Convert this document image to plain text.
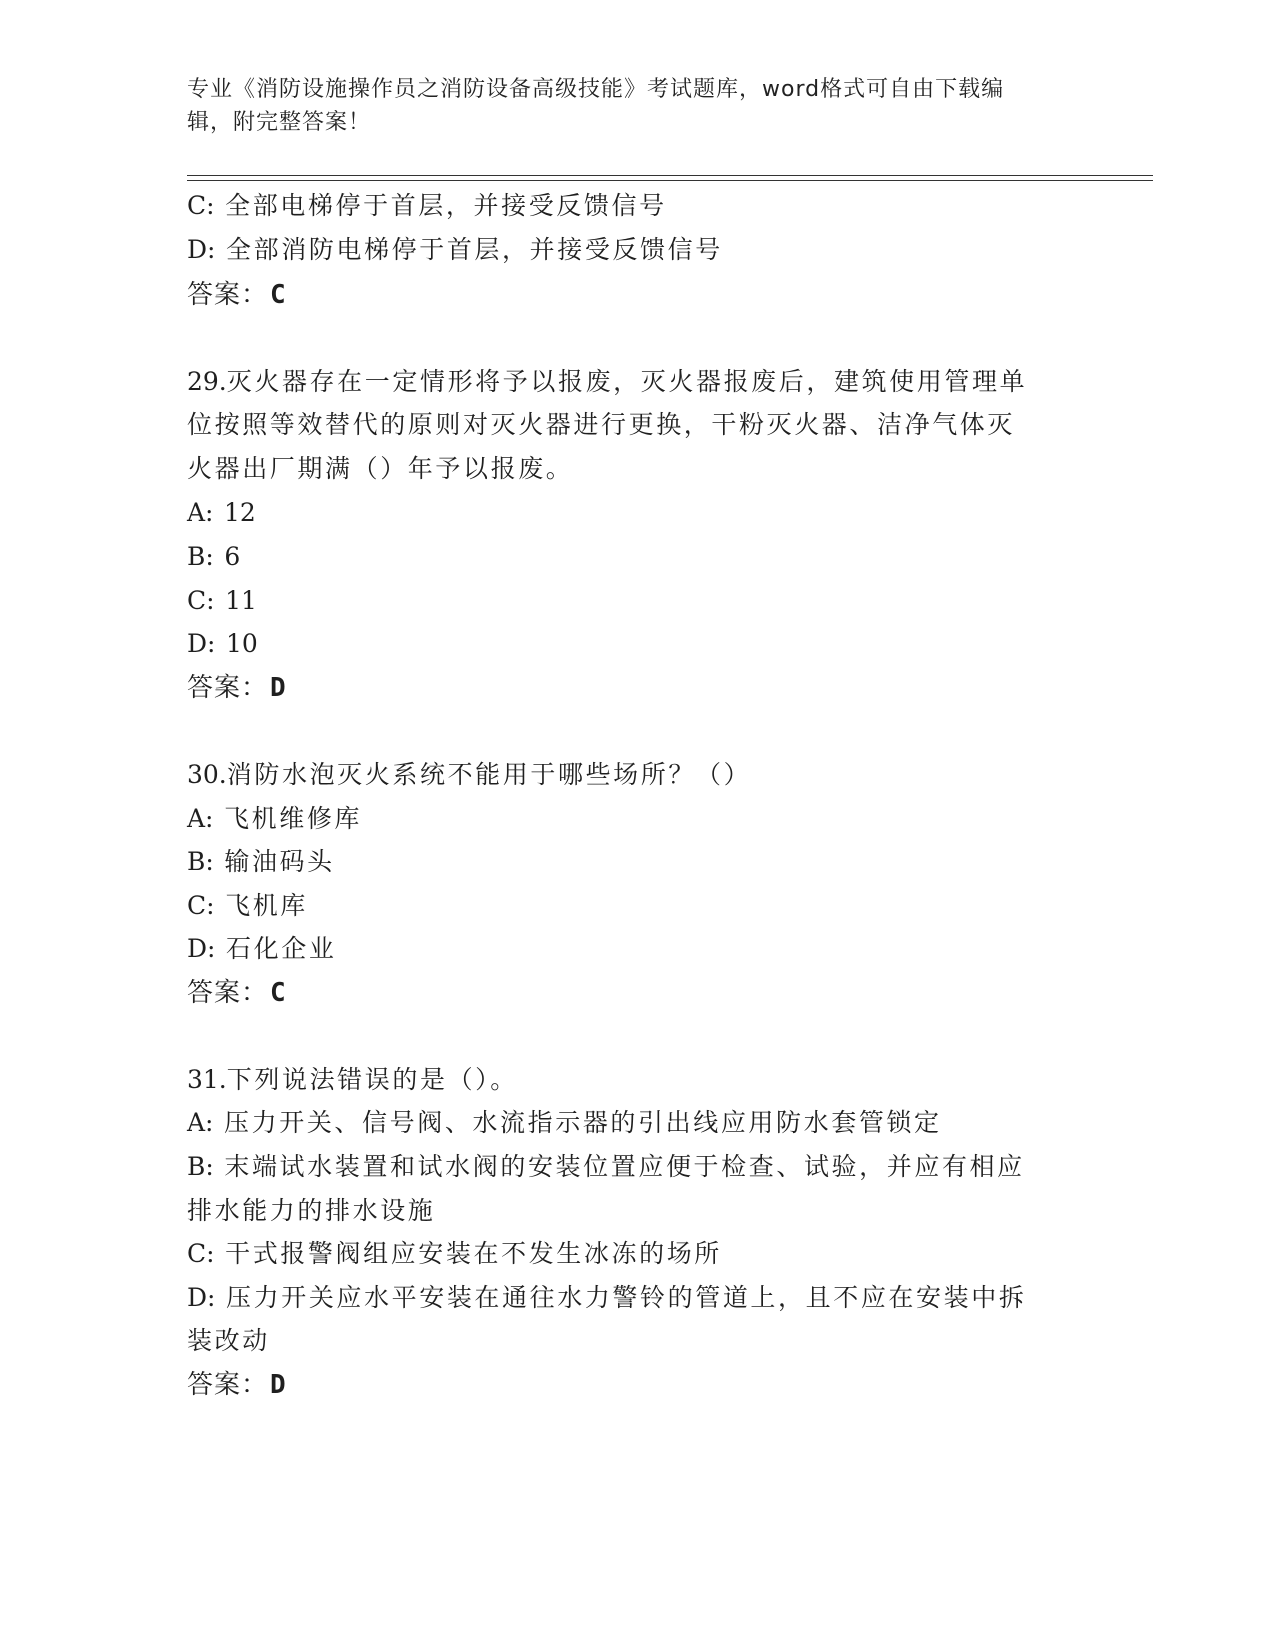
专业《消防设施操作员之消防设备高级技能》考试题库，word格式可自由下载编
辑，附完整答案！
C: 全部电梯停于首层，并接受反馈信号
D: 全部消防电梯停于首层，并接受反馈信号
答案：C
29.灭火器存在一定情形将予以报废，灭火器报废后，建筑使用管理单
位按照等效替代的原则对灭火器进行更换，干粉灭火器、洁净气体灭
火器出厂期满（）年予以报废。
A: 12
B: 6
C: 11
D: 10
答案：D
30.消防水泡灭火系统不能用于哪些场所？（）
A: 飞机维修库
B: 输油码头
C: 飞机库
D: 石化企业
答案：C
31.下列说法错误的是（）。
A: 压力开关、信号阀、水流指示器的引出线应用防水套管锁定
B: 末端试水装置和试水阀的安装位置应便于检查、试验，并应有相应
排水能力的排水设施
C: 干式报警阀组应安装在不发生冰冻的场所
D: 压力开关应水平安装在通往水力警铃的管道上，且不应在安装中拆
装改动
答案：D
